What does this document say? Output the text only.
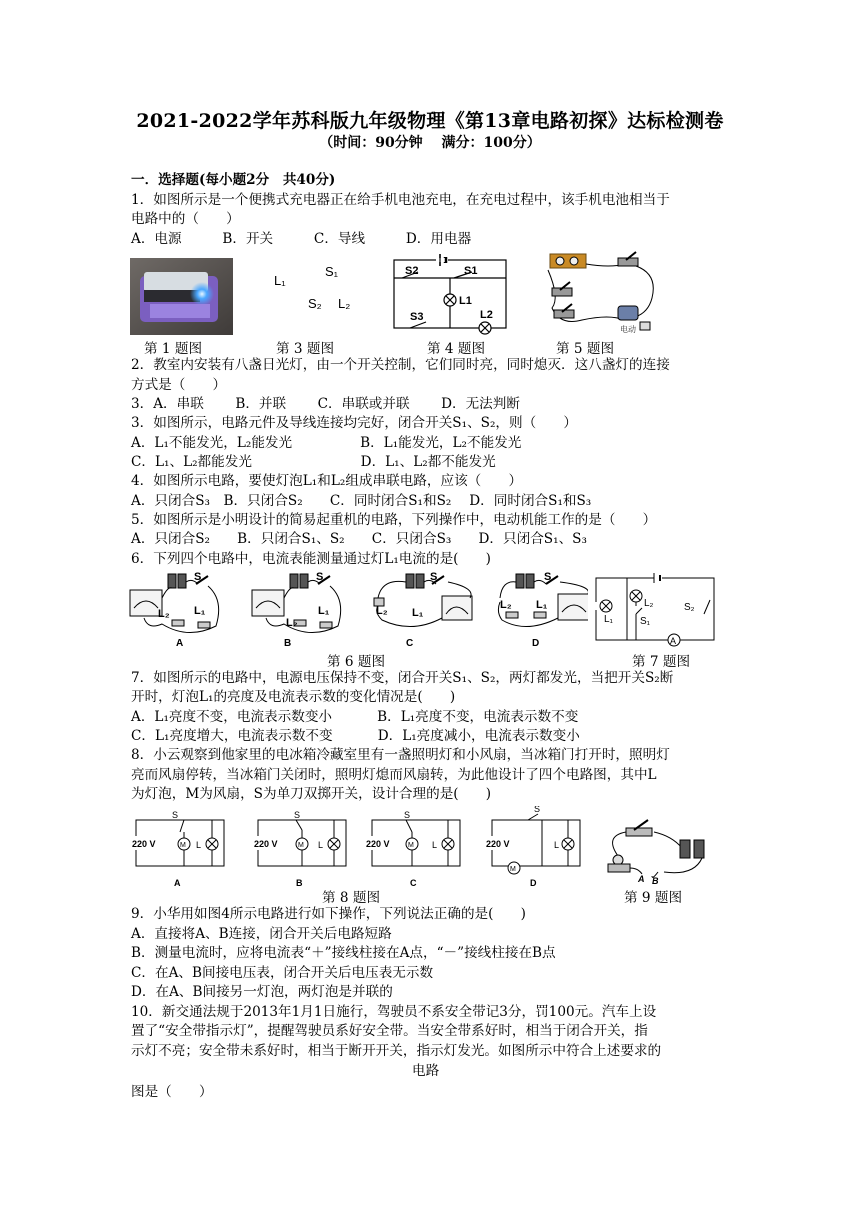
2021-2022学年苏科版九年级物理《第13章电路初探》达标检测卷
（时间：90分钟　 满分：100分）
一．选择题(每小题2分　共40分)
1．如图所示是一个便携式充电器正在给手机电池充电，在充电过程中，该手机电池相当于
电路中的（　　）
A．电源　　　B．开关　　　C．导线　　　D．用电器
第 1 题图
L₁
S₁
S₂ L₂
第 3 题图
S2	S1
L1
S3	L2
第 4 题图
电动
第 5 题图
2．教室内安装有八盏日光灯，由一个开关控制，它们同时亮，同时熄灭．这八盏灯的连接
方式是（　　）
3．A．串联　　 B．并联　　 C．串联或并联　　 D．无法判断
3．如图所示，电路元件及导线连接均完好，闭合开关S₁、S₂，则（　　）
A．L₁不能发光，L₂能发光　　　　　B．L₁能发光，L₂不能发光
C．L₁、L₂都能发光　　　　　　　　D．L₁、L₂都不能发光
4．如图所示电路，要使灯泡L₁和L₂组成串联电路，应该（　　）
A．只闭合S₃　B．只闭合S₂　　C．同时闭合S₁和S₂　 D．同时闭合S₁和S₃
5．如图所示是小明设计的简易起重机的电路，下列操作中，电动机能工作的是（　　）
A．只闭合S₂　　B．只闭合S₁、S₂　　C．只闭合S₃　　D．只闭合S₁、S₃
6．下列四个电路中，电流表能测量通过灯L₁电流的是(　　)
S
L₂ L₁
A
S
L₂
L₁
B
S
L₂ L₁
C
S
L₂ L₁
D
第 6 题图
A
L₁
L₂
S₁
S₂
第 7 题图
7．如图所示的电路中，电源电压保持不变，闭合开关S₁、S₂，两灯都发光，当把开关S₂断
开时，灯泡L₁的亮度及电流表示数的变化情况是(　　)
A．L₁亮度不变，电流表示数变小　　　 B．L₁亮度不变，电流表示数不变
C．L₁亮度增大，电流表示数不变　　　 D．L₁亮度减小，电流表示数变小
8．小云观察到他家里的电冰箱冷藏室里有一盏照明灯和小风扇，当冰箱门打开时，照明灯
亮而风扇停转，当冰箱门关闭时，照明灯熄而风扇转，为此他设计了四个电路图，其中L
为灯泡，M为风扇，S为单刀双掷开关，设计合理的是(　　)
220 V
S
M L
A
220 V
S
M L
B
220 V
S
M L
C
220 V
S
M
L
D
第 8 题图
A B
第 9 题图
9．小华用如图4所示电路进行如下操作，下列说法正确的是(　　)
A．直接将A、B连接，闭合开关后电路短路
B．测量电流时，应将电流表“＋”接线柱接在A点，“－”接线柱接在B点
C．在A、B间接电压表，闭合开关后电压表无示数
D．在A、B间接另一灯泡，两灯泡是并联的
10．新交通法规于2013年1月1日施行，驾驶员不系安全带记3分，罚100元。汽车上设
置了“安全带指示灯”，提醒驾驶员系好安全带。当安全带系好时，相当于闭合开关，指
示灯不亮；安全带未系好时，相当于断开开关，指示灯发光。如图所示中符合上述要求的
电路
图是（　　）
